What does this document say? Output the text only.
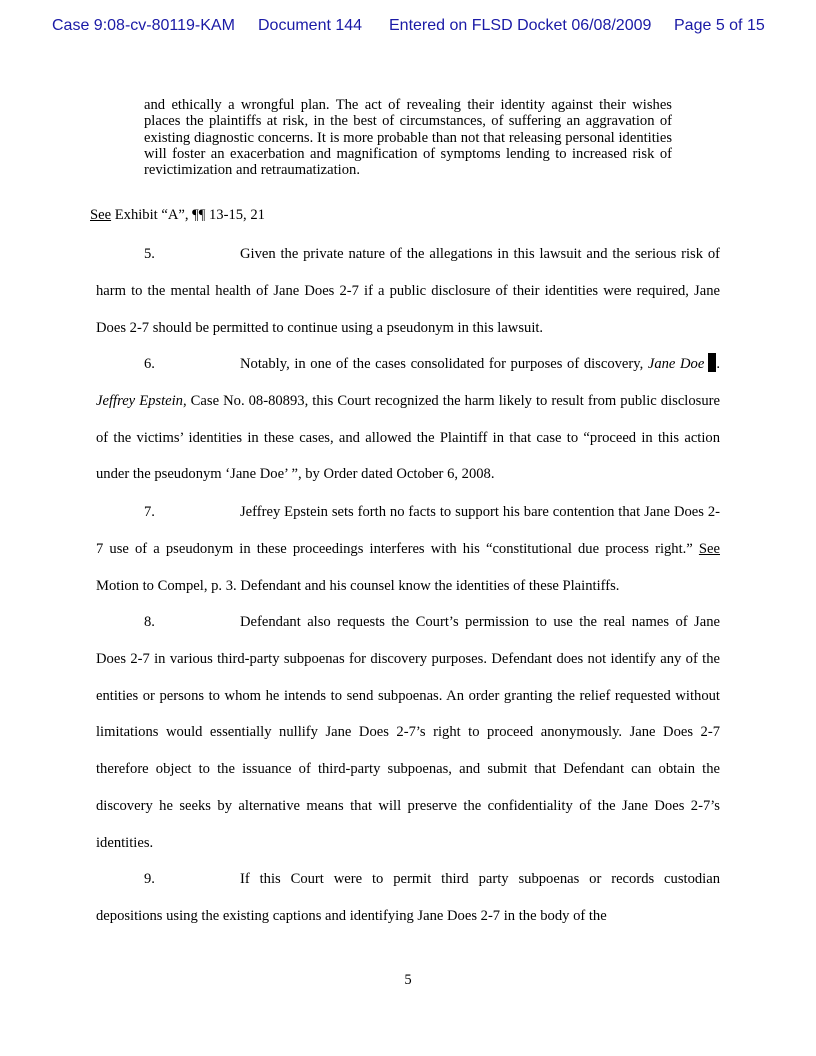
Case 9:08-cv-80119-KAM Document 144 Entered on FLSD Docket 06/08/2009 Page 5 of 15
and ethically a wrongful plan. The act of revealing their identity against their wishes places the plaintiffs at risk, in the best of circumstances, of suffering an aggravation of existing diagnostic concerns. It is more probable than not that releasing personal identities will foster an exacerbation and magnification of symptoms lending to increased risk of revictimization and retraumatization.
See Exhibit “A”, ¶¶ 13-15, 21

5.	Given the private nature of the allegations in this lawsuit and the serious risk of harm to the mental health of Jane Does 2-7 if a public disclosure of their identities were required, Jane Does 2-7 should be permitted to continue using a pseudonym in this lawsuit.

6.	Notably, in one of the cases consolidated for purposes of discovery, Jane Doe . Jeffrey Epstein, Case No. 08-80893, this Court recognized the harm likely to result from public disclosure of the victims’ identities in these cases, and allowed the Plaintiff in that case to “proceed in this action under the pseudonym ‘Jane Doe’ ”, by Order dated October 6, 2008.

7.	Jeffrey Epstein sets forth no facts to support his bare contention that Jane Does 2-7 use of a pseudonym in these proceedings interferes with his “constitutional due process right.” See Motion to Compel, p. 3. Defendant and his counsel know the identities of these Plaintiffs.

8.	Defendant also requests the Court’s permission to use the real names of Jane Does 2-7 in various third-party subpoenas for discovery purposes. Defendant does not identify any of the entities or persons to whom he intends to send subpoenas. An order granting the relief requested without limitations would essentially nullify Jane Does 2-7’s right to proceed anonymously. Jane Does 2-7 therefore object to the issuance of third-party subpoenas, and submit that Defendant can obtain the discovery he seeks by alternative means that will preserve the confidentiality of the Jane Does 2-7’s identities.

9.	If this Court were to permit third party subpoenas or records custodian depositions using the existing captions and identifying Jane Does 2-7 in the body of the

5
